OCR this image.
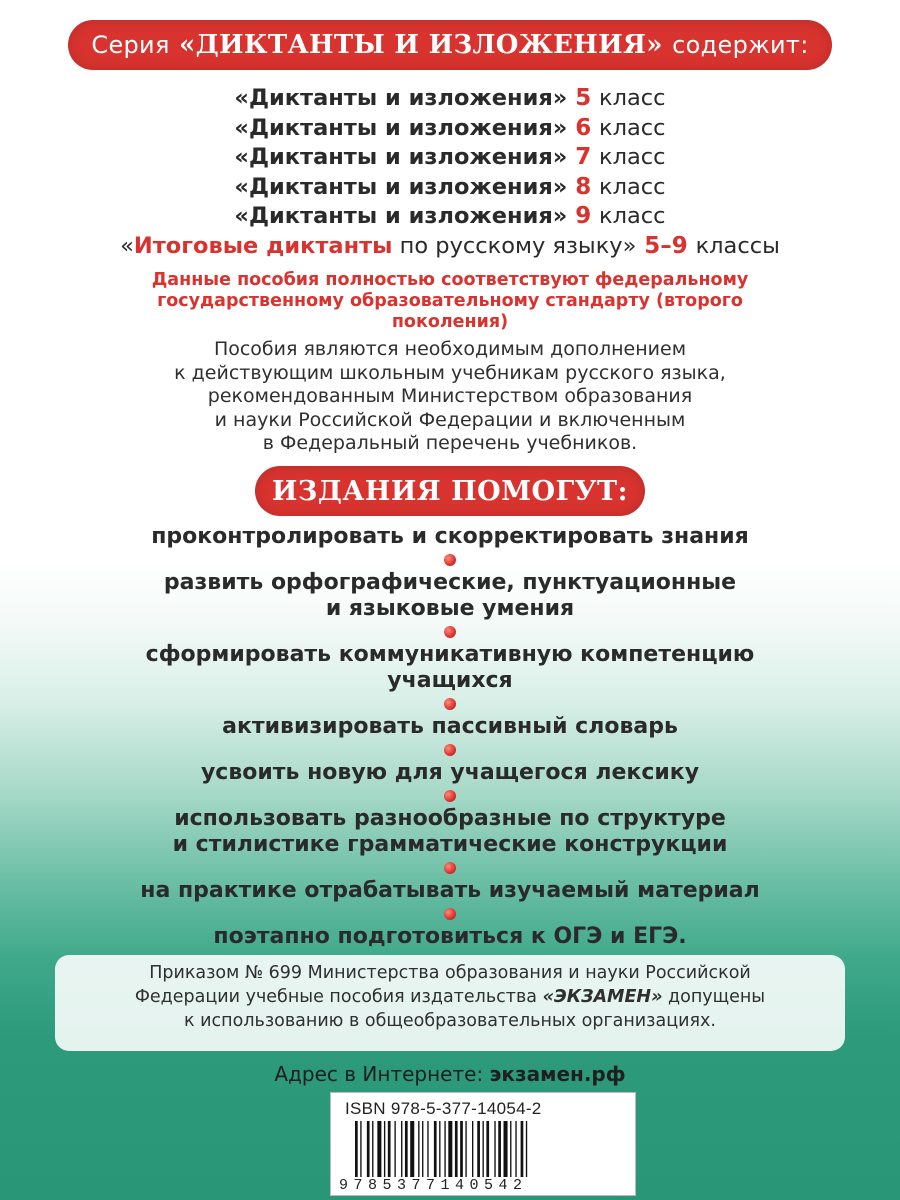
Серия
«ДИКТАНТЫ И ИЗЛОЖЕНИЯ»
содержит:
«Диктанты и изложения» 5 класс
«Диктанты и изложения» 6 класс
«Диктанты и изложения» 7 класс
«Диктанты и изложения» 8 класс
«Диктанты и изложения» 9 класс
«Итоговые диктанты по русскому языку» 5–9 классы
Данные пособия полностью соответствуют федеральному государственному образовательному стандарту (второго поколения)
Пособия являются необходимым дополнением
к действующим школьным учебникам русского языка,
рекомендованным Министерством образования
и науки Российской Федерации и включенным
в Федеральный перечень учебников.
ИЗДАНИЯ ПОМОГУТ:
проконтролировать и скорректировать знания
развить орфографические, пунктуационные
и языковые умения
сформировать коммуникативную компетенцию
учащихся
активизировать пассивный словарь
усвоить новую для учащегося лексику
использовать разнообразные по структуре
и стилистике грамматические конструкции
на практике отрабатывать изучаемый материал
поэтапно подготовиться к ОГЭ и ЕГЭ.
Приказом № 699 Министерства образования и науки Российской
Федерации учебные пособия издательства «ЭКЗАМЕН» допущены
к использованию в общеобразовательных организациях.
Адрес в Интернете: экзамен.рф
ISBN 978-5-377-14054-2
9785377140542
